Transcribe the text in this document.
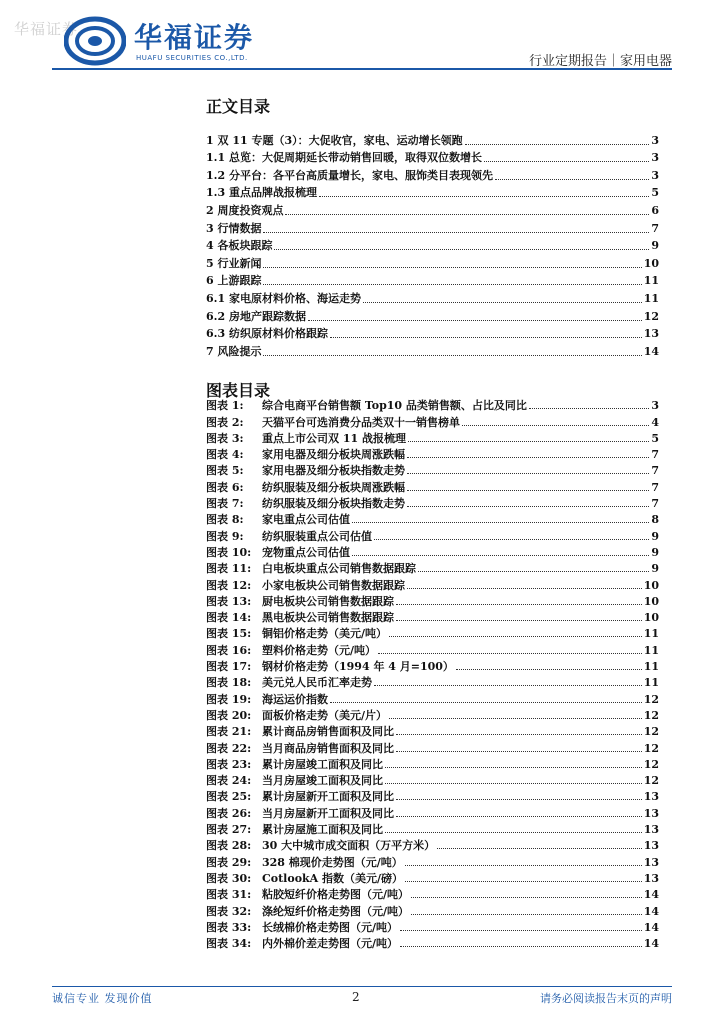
华福证券 华福证券
HUAFU SECURITIES CO.,LTD.	行业定期报告｜家用电器
正文目录
1 双 11 专题（3）：大促收官，家电、运动增长领跑	3
1.1 总览：大促周期延长带动销售回暖，取得双位数增长	3
1.2 分平台：各平台高质量增长，家电、服饰类目表现领先	3
1.3 重点品牌战报梳理	5
2 周度投资观点	6
3 行情数据	7
4 各板块跟踪	9
5 行业新闻	10
6 上游跟踪	11
6.1 家电原材料价格、海运走势	11
6.2 房地产跟踪数据	12
6.3 纺织原材料价格跟踪	13
7 风险提示	14
图表目录
图表 1:	综合电商平台销售额 Top10 品类销售额、占比及同比	3
图表 2:	天猫平台可选消费分品类双十一销售榜单	4
图表 3:	重点上市公司双 11 战报梳理	5
图表 4:	家用电器及细分板块周涨跌幅	7
图表 5:	家用电器及细分板块指数走势	7
图表 6:	纺织服装及细分板块周涨跌幅	7
图表 7:	纺织服装及细分板块指数走势	7
图表 8:	家电重点公司估值	8
图表 9:	纺织服装重点公司估值	9
图表 10: 宠物重点公司估值	9
图表 11: 白电板块重点公司销售数据跟踪	9
图表 12: 小家电板块公司销售数据跟踪	10
图表 13: 厨电板块公司销售数据跟踪	10
图表 14: 黑电板块公司销售数据跟踪	10
图表 15: 铜铝价格走势（美元/吨）	11
图表 16: 塑料价格走势（元/吨）	11
图表 17: 钢材价格走势（1994 年 4 月=100）	11
图表 18: 美元兑人民币汇率走势	11
图表 19: 海运运价指数	12
图表 20: 面板价格走势（美元/片）	12
图表 21: 累计商品房销售面积及同比	12
图表 22: 当月商品房销售面积及同比	12
图表 23: 累计房屋竣工面积及同比	12
图表 24: 当月房屋竣工面积及同比	12
图表 25: 累计房屋新开工面积及同比	13
图表 26: 当月房屋新开工面积及同比	13
图表 27: 累计房屋施工面积及同比	13
图表 28: 30 大中城市成交面积（万平方米）	13
图表 29: 328 棉现价走势图（元/吨）	13
图表 30: CotlookA 指数（美元/磅）	13
图表 31: 粘胶短纤价格走势图（元/吨）	14
图表 32: 涤纶短纤价格走势图（元/吨）	14
图表 33: 长绒棉价格走势图（元/吨）	14
图表 34: 内外棉价差走势图（元/吨）	14
诚信专业 发现价值	2	请务必阅读报告末页的声明
